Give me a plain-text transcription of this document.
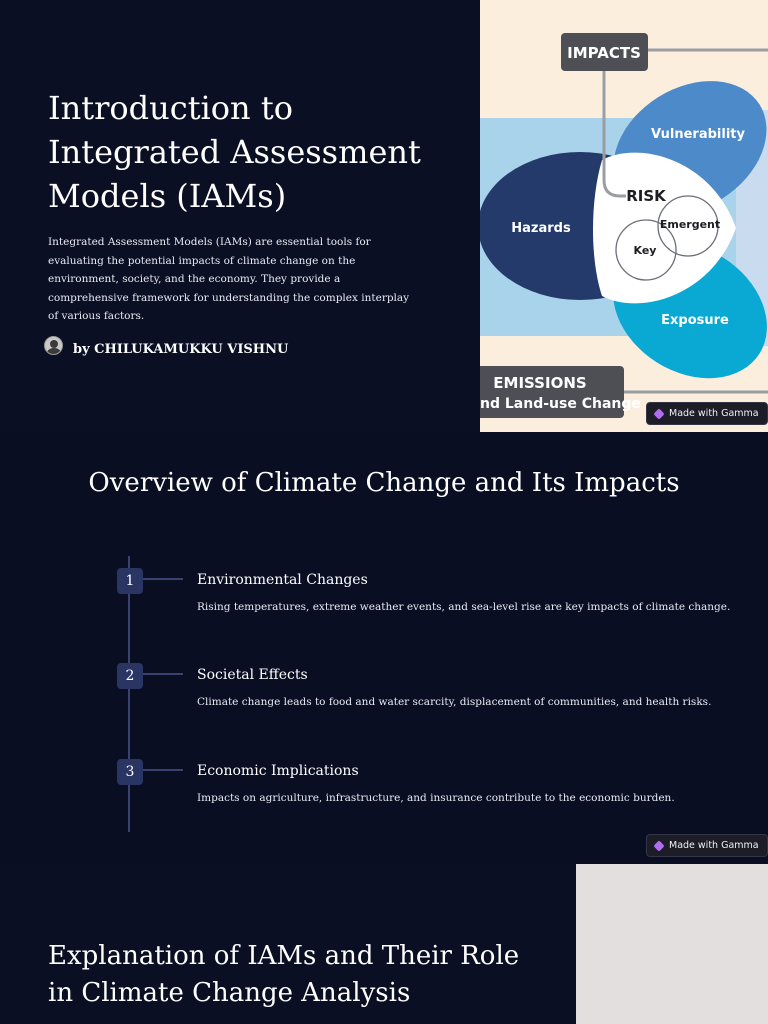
Introduction to Integrated Assessment Models (IAMs)

Integrated Assessment Models (IAMs) are essential tools for evaluating the potential impacts of climate change on the environment, society, and the economy. They provide a comprehensive framework for understanding the complex interplay of various factors.

by CHILUKAMUKKU VISHNU
IMPACTS
Vulnerability
RISK
Emergent
Key
Hazards
Exposure
EMISSIONS
nd Land-use Change
Made with Gamma
Overview of Climate Change and Its Impacts
1	Environmental Changes
Rising temperatures, extreme weather events, and sea-level rise are key impacts of climate change.
2	Societal Effects
Climate change leads to food and water scarcity, displacement of communities, and health risks.
3	Economic Implications
Impacts on agriculture, infrastructure, and insurance contribute to the economic burden.
Made with Gamma
Explanation of IAMs and Their Role in Climate Change Analysis
